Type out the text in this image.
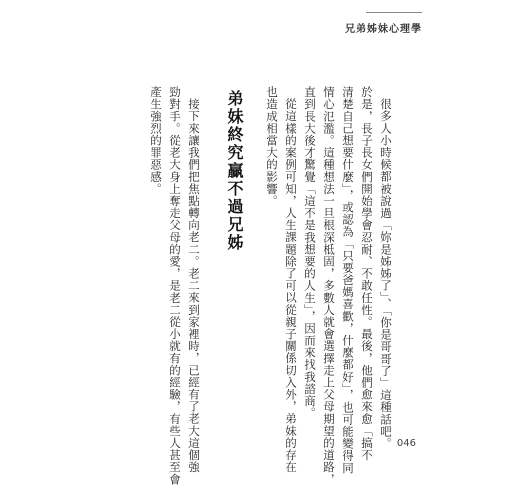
兄弟姊妹心理學
很多人小時候都被說過「妳是姊姊了」、「你是哥哥了」這種話吧。
於是，長子長女們開始學會忍耐、不敢任性。最後，他們愈來愈「搞不
清楚自己想要什麼」，或認為「只要爸媽喜歡，什麼都好」，也可能變得同
情心氾濫。這種想法一旦根深柢固，多數人就會選擇走上父母期望的道路，
直到長大後才驚覺「這不是我想要的人生」，因而來找我諮商。
從這樣的案例可知，人生課題除了可以從親子關係切入外，弟妹的存在
也造成相當大的影響。
弟妹終究贏不過兄姊
接下來讓我們把焦點轉向老二。老二來到家裡時，已經有了老大這個強
勁對手。從老大身上奪走父母的愛，是老二從小就有的經驗，有些人甚至會
產生強烈的罪惡感。
046
